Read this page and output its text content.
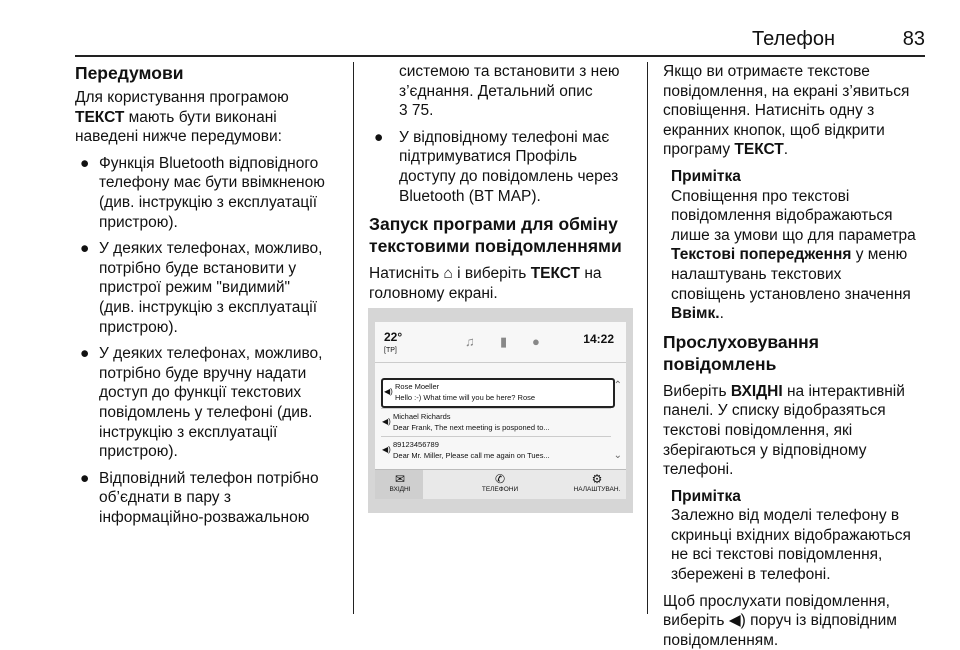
Телефон	83

Передумови

Для користування програмою

ТЕКСТ мають бути виконані

наведені нижче передумови:

● Функція Bluetooth відповідного

телефону має бути ввімкненою

(див. інструкцію з експлуатації

пристрою).

● У деяких телефонах, можливо,

потрібно буде встановити у

пристрої режим "видимий"

(див. інструкцію з експлуатації

пристрою).

● У деяких телефонах, можливо,

потрібно буде вручну надати

доступ до функції текстових

повідомлень у телефоні (див.

інструкцію з експлуатації

пристрою).

● Відповідний телефон потрібно

об’єднати в пару з

інформаційно-розважальною

системою та встановити з нею

з’єднання. Детальний опис

3 75.

● У відповідному телефоні має

підтримуватися Профіль

доступу до повідомлень через

Bluetooth (BT MAP).

Запуск програми для обміну

текстовими повідомленнями

Натисніть ⌂ і виберіть ТЕКСТ на

головному екрані.

22°
[TP]
♫ ▮ ●	14:22
◀)
Rose Moeller
Hello :-) What time will you be here? Rose
◀)
Michael Richards
Dear Frank, The next meeting is posponed to...
◀)
89123456789
Dear Mr. Miller, Please call me again on Tues...
⌃
⌄
✉
ВХІДНІ
✆
ТЕЛЕФОНИ
⚙
НАЛАШТУВАН.

Якщо ви отримаєте текстове

повідомлення, на екрані з’явиться

сповіщення. Натисніть одну з

екранних кнопок, щоб відкрити

програму ТЕКСТ.

Примітка

Сповіщення про текстові

повідомлення відображаються

лише за умови що для параметра

Текстові попередження у меню

налаштувань текстових

сповіщень установлено значення

Ввімк..

Прослуховування повідомлень

Виберіть ВХІДНІ на інтерактивній

панелі. У списку відобразяться

текстові повідомлення, які

зберігаються у відповідному

телефоні.

Примітка

Залежно від моделі телефону в

скриньці вхідних відображаються

не всі текстові повідомлення,

збережені в телефоні.

Щоб прослухати повідомлення,

виберіть ◀) поруч із відповідним

повідомленням.
